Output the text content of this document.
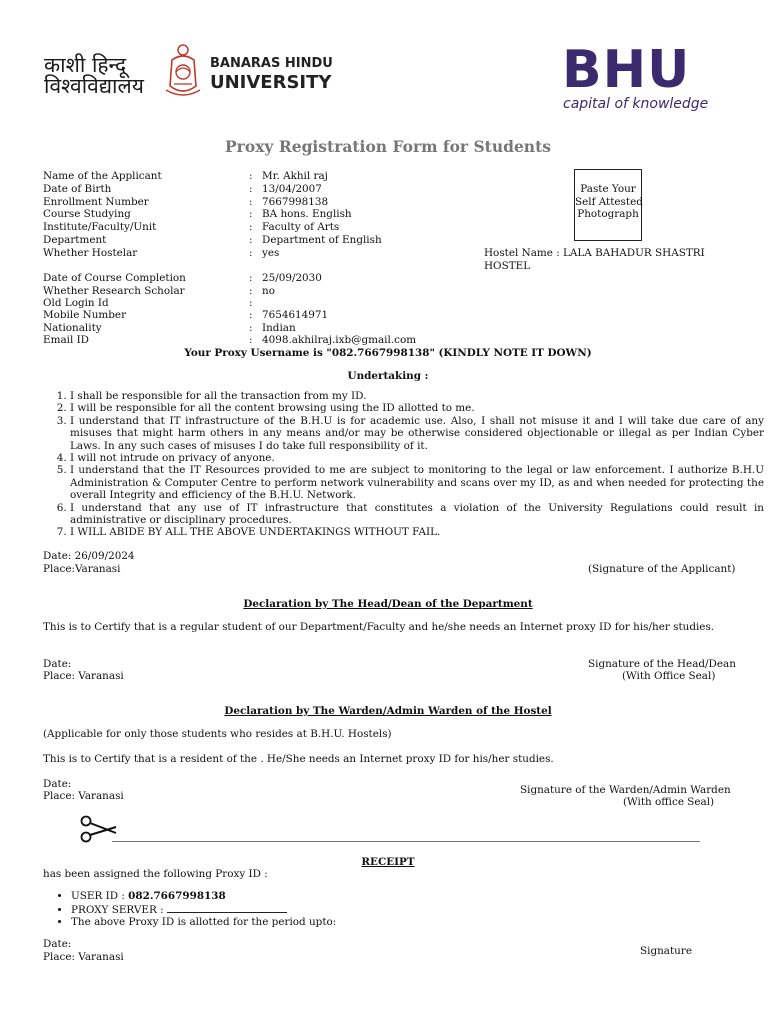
काशी हिन्दू
विश्वविद्यालय
BANARAS HINDU
UNIVERSITY	BHU
capital of knowledge
Proxy Registration Form for Students
Name of the Applicant	: Mr. Akhil raj
Date of Birth	: 13/04/2007
Enrollment Number	: 7667998138
Course Studying	: BA hons. English
Institute/Faculty/Unit	: Faculty of Arts
Department	: Department of English
Whether Hostelar	: yes
Date of Course Completion	: 25/09/2030
Whether Research Scholar	: no
Old Login Id	:
Mobile Number	: 7654614971
Nationality	: Indian
Email ID	: 4098.akhilraj.ixb@gmail.com
Paste Your
Self Attested
Photograph
Hostel Name : LALA BAHADUR SHASTRI
HOSTEL
Your Proxy Username is "082.7667998138" (KINDLY NOTE IT DOWN)
Undertaking :
1. I shall be responsible for all the transaction from my ID.
2. I will be responsible for all the content browsing using the ID allotted to me.
3. I understand that IT infrastructure of the B.H.U is for academic use. Also, I shall not misuse it and I will take due care of any misuses that might harm others in any means and/or may be otherwise considered objectionable or illegal as per Indian Cyber Laws. In any such cases of misuses I do take full responsibility of it.
4. I will not intrude on privacy of anyone.
5. I understand that the IT Resources provided to me are subject to monitoring to the legal or law enforcement. I authorize B.H.U Administration & Computer Centre to perform network vulnerability and scans over my ID, as and when needed for protecting the overall Integrity and efficiency of the B.H.U. Network.
6. I understand that any use of IT infrastructure that constitutes a violation of the University Regulations could result in administrative or disciplinary procedures.
7. I WILL ABIDE BY ALL THE ABOVE UNDERTAKINGS WITHOUT FAIL.
Date: 26/09/2024
Place:Varanasi	(Signature of the Applicant)
Declaration by The Head/Dean of the Department
This is to Certify that is a regular student of our Department/Faculty and he/she needs an Internet proxy ID for his/her studies.
Date:
Place: Varanasi
Signature of the Head/Dean
(With Office Seal)
Declaration by The Warden/Admin Warden of the Hostel
(Applicable for only those students who resides at B.H.U. Hostels)
This is to Certify that is a resident of the . He/She needs an Internet proxy ID for his/her studies.
Date:
Place: Varanasi	Signature of the Warden/Admin Warden
(With office Seal)
RECEIPT
has been assigned the following Proxy ID :
• USER ID : 082.7667998138
• PROXY SERVER :
• The above Proxy ID is allotted for the period upto:
Date:
Place: Varanasi	Signature
